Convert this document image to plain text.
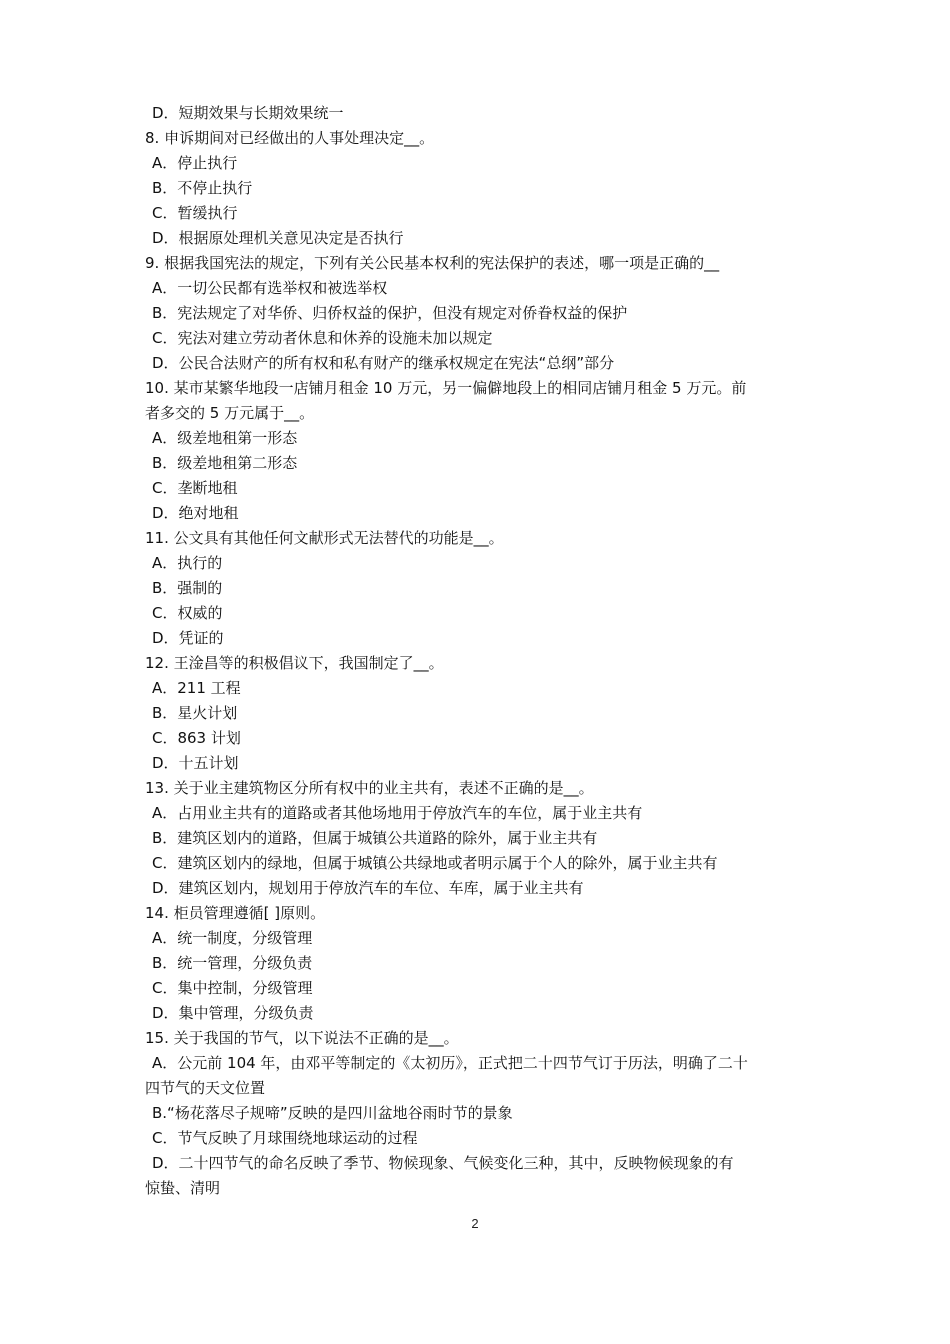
D．短期效果与长期效果统一
8. 申诉期间对已经做出的人事处理决定__。
A．停止执行
B．不停止执行
C．暂缓执行
D．根据原处理机关意见决定是否执行
9. 根据我国宪法的规定，下列有关公民基本权利的宪法保护的表述，哪一项是正确的__
A．一切公民都有选举权和被选举权
B．宪法规定了对华侨、归侨权益的保护，但没有规定对侨眷权益的保护
C．宪法对建立劳动者休息和休养的设施未加以规定
D．公民合法财产的所有权和私有财产的继承权规定在宪法“总纲”部分
10. 某市某繁华地段一店铺月租金 10 万元，另一偏僻地段上的相同店铺月租金 5 万元。前
者多交的 5 万元属于__。
A．级差地租第一形态
B．级差地租第二形态
C．垄断地租
D．绝对地租
11. 公文具有其他任何文献形式无法替代的功能是__。
A．执行的
B．强制的
C．权威的
D．凭证的
12. 王淦昌等的积极倡议下，我国制定了__。
A．211 工程
B．星火计划
C．863 计划
D．十五计划
13. 关于业主建筑物区分所有权中的业主共有，表述不正确的是__。
A．占用业主共有的道路或者其他场地用于停放汽车的车位，属于业主共有
B．建筑区划内的道路，但属于城镇公共道路的除外，属于业主共有
C．建筑区划内的绿地，但属于城镇公共绿地或者明示属于个人的除外，属于业主共有
D．建筑区划内，规划用于停放汽车的车位、车库，属于业主共有
14. 柜员管理遵循[ ]原则。
A．统一制度，分级管理
B．统一管理，分级负责
C．集中控制，分级管理
D．集中管理，分级负责
15. 关于我国的节气，以下说法不正确的是__。
A．公元前 104 年，由邓平等制定的《太初历》，正式把二十四节气订于历法，明确了二十
四节气的天文位置
B.“杨花落尽子规啼”反映的是四川盆地谷雨时节的景象
C．节气反映了月球围绕地球运动的过程
D．二十四节气的命名反映了季节、物候现象、气候变化三种，其中，反映物候现象的有
惊蛰、清明
2
